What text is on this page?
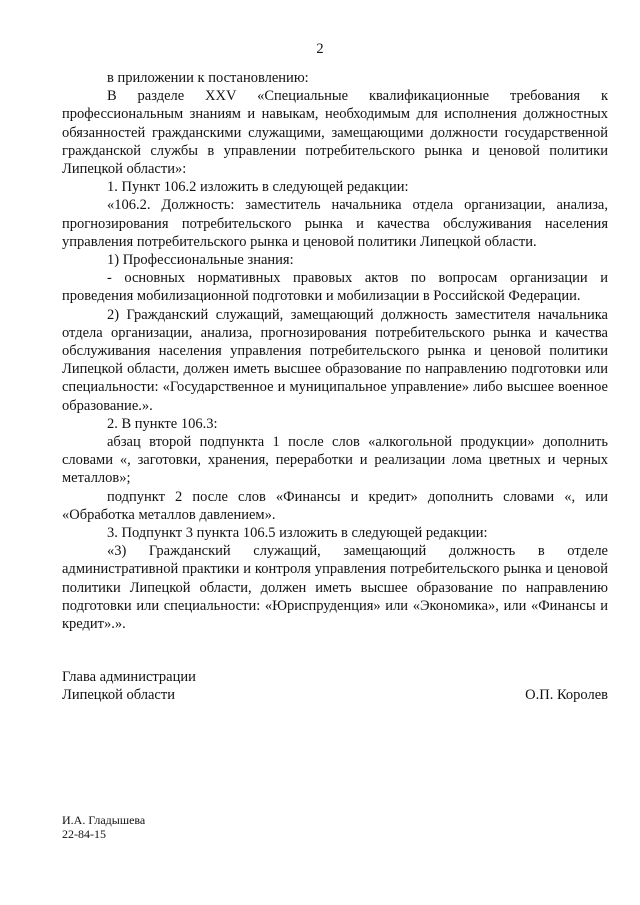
2

в приложении к постановлению:

В разделе XXV «Специальные квалификационные требования к профессиональным знаниям и навыкам, необходимым для исполнения должностных обязанностей гражданскими служащими, замещающими должности государственной гражданской службы в управлении потребительского рынка и ценовой политики Липецкой области»:

1. Пункт 106.2 изложить в следующей редакции:

«106.2. Должность: заместитель начальника отдела организации, анализа, прогнозирования потребительского рынка и качества обслуживания населения управления потребительского рынка и ценовой политики Липецкой области.

1) Профессиональные знания:

- основных нормативных правовых актов по вопросам организации и проведения мобилизационной подготовки и мобилизации в Российской Федерации.

2) Гражданский служащий, замещающий должность заместителя начальника отдела организации, анализа, прогнозирования потребительского рынка и качества обслуживания населения управления потребительского рынка и ценовой политики Липецкой области, должен иметь высшее образование по направлению подготовки или специальности: «Государственное и муниципальное управление» либо высшее военное образование.».

2. В пункте 106.3:

абзац второй подпункта 1 после слов «алкогольной продукции» дополнить словами «, заготовки, хранения, переработки и реализации лома цветных и черных металлов»;

подпункт 2 после слов «Финансы и кредит» дополнить словами «, или «Обработка металлов давлением».

3. Подпункт 3 пункта 106.5 изложить в следующей редакции:

«3) Гражданский служащий, замещающий должность в отделе административной практики и контроля управления потребительского рынка и ценовой политики Липецкой области, должен иметь высшее образование по направлению подготовки или специальности: «Юриспруденция» или «Экономика», или «Финансы и кредит».».

Глава администрации
Липецкой области	О.П. Королев
И.А. Гладышева
22-84-15
